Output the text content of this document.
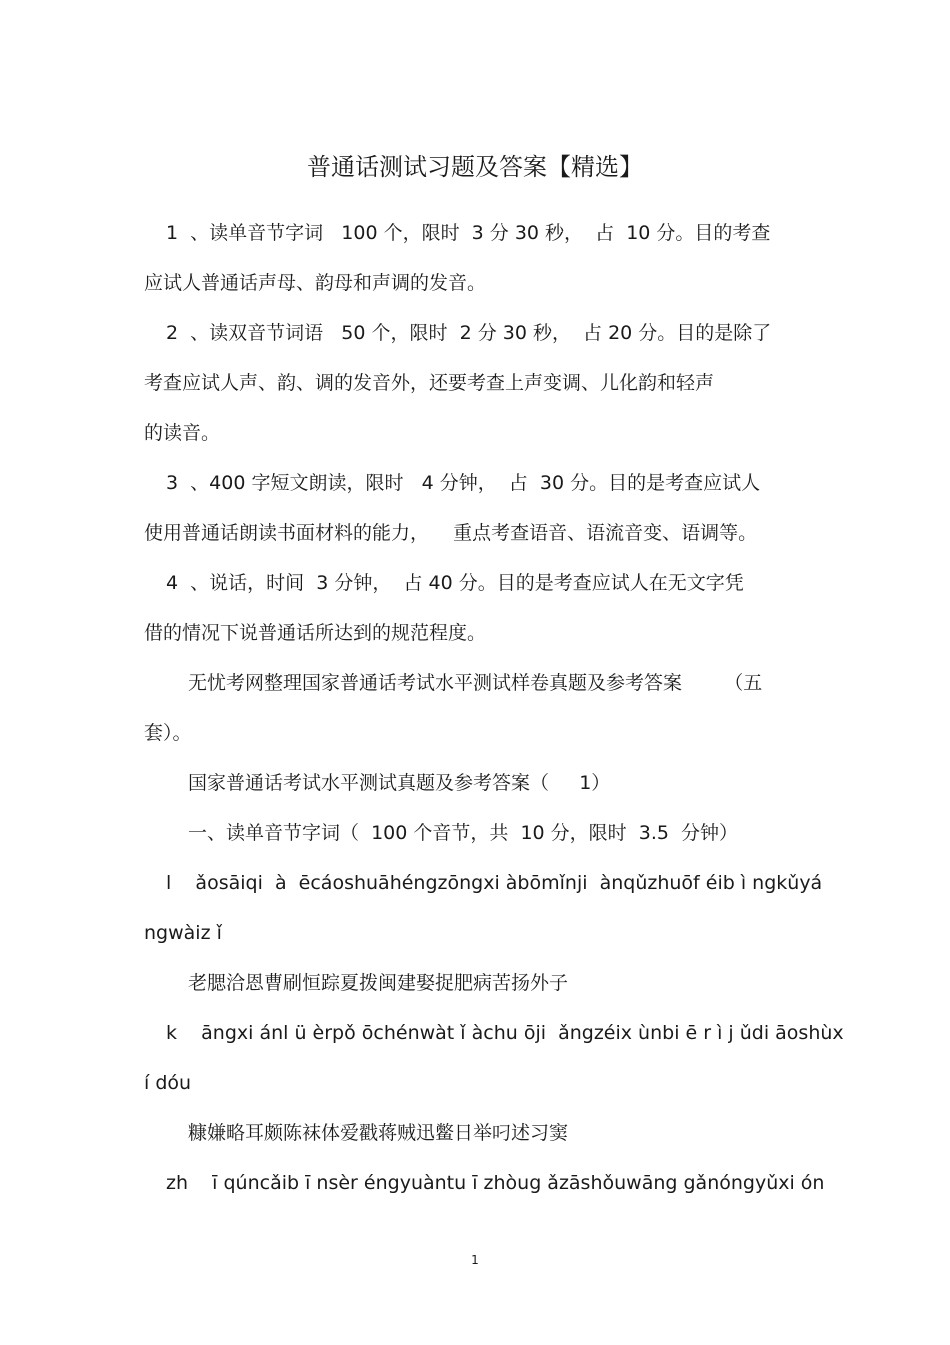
普通话测试习题及答案【精选】
1  、读单音节字词   100 个，限时  3 分 30 秒，  占  10 分。目的考查
应试人普通话声母、韵母和声调的发音。
2  、读双音节词语   50 个，限时  2 分 30 秒，  占 20 分。目的是除了
考查应试人声、韵、调的发音外，还要考查上声变调、儿化韵和轻声
的读音。
3  、400 字短文朗读，限时   4 分钟，  占  30 分。目的是考查应试人
使用普通话朗读书面材料的能力，    重点考查语音、语流音变、语调等。
4  、说话，时间  3 分钟，  占 40 分。目的是考查应试人在无文字凭
借的情况下说普通话所达到的规范程度。
无忧考网整理国家普通话考试水平测试样卷真题及参考答案       （五
套）。
国家普通话考试水平测试真题及参考答案（     1）
一、读单音节字词（  100 个音节，共  10 分，限时  3.5  分钟）
l    ǎosāiqi  à  ēcáoshuāhéngzōngxi àbōmǐnji  ànqǔzhuōf éib ì ngkǔyá
ngwàiz ǐ
老腮洽恩曹刷恒踪夏拨闽建娶捉肥病苦扬外子
k    āngxi ánl ü èrpǒ ōchénwàt ǐ àchu ōji  ǎngzéix ùnbi ē r ì j ǔdi āoshùx
í dóu
糠嫌略耳颇陈袜体爱戳蒋贼迅鳖日举叼述习窦
zh    ī qúncǎib ī nsèr éngyuàntu ī zhòug ǎzāshǒuwāng gǎnóngyǔxi ón
1
